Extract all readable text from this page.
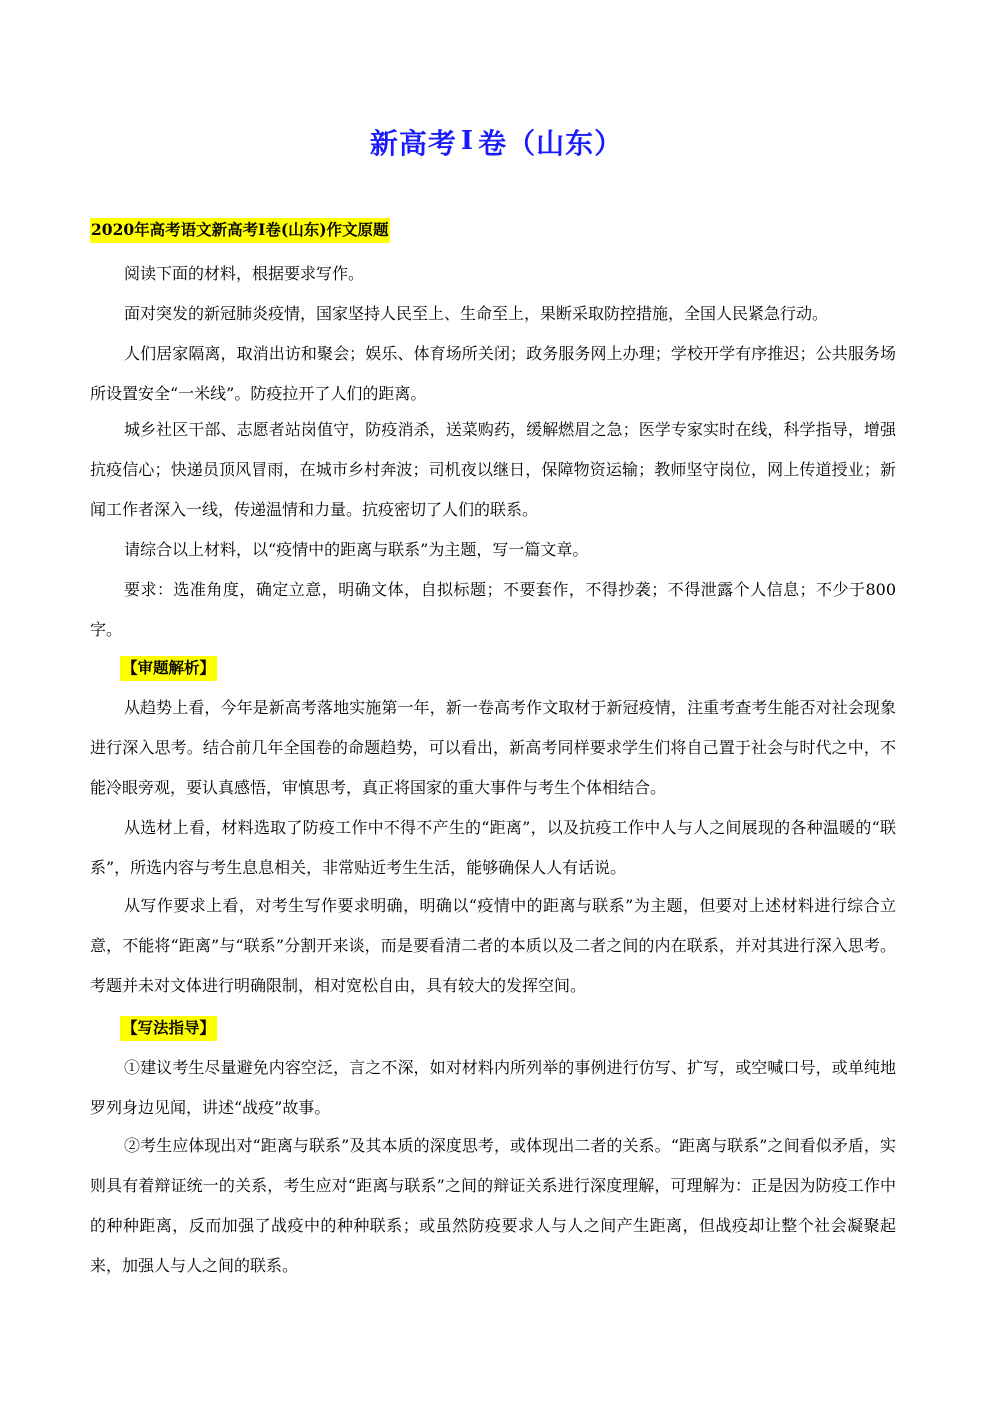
新高考 Ⅰ 卷（山东）
2020年高考语文新高考Ⅰ卷(山东)作文原题

阅读下面的材料，根据要求写作。

面对突发的新冠肺炎疫情，国家坚持人民至上、生命至上，果断采取防控措施，全国人民紧急行动。

人们居家隔离，取消出访和聚会；娱乐、体育场所关闭；政务服务网上办理；学校开学有序推迟；公共服务场所设置安全“一米线”。防疫拉开了人们的距离。

城乡社区干部、志愿者站岗值守，防疫消杀，送菜购药，缓解燃眉之急；医学专家实时在线，科学指导，增强抗疫信心；快递员顶风冒雨，在城市乡村奔波；司机夜以继日，保障物资运输；教师坚守岗位，网上传道授业；新闻工作者深入一线，传递温情和力量。抗疫密切了人们的联系。

请综合以上材料，以“疫情中的距离与联系”为主题，写一篇文章。

要求：选准角度，确定立意，明确文体，自拟标题；不要套作，不得抄袭；不得泄露个人信息；不少于800字。

【审题解析】

从趋势上看，今年是新高考落地实施第一年，新一卷高考作文取材于新冠疫情，注重考查考生能否对社会现象进行深入思考。结合前几年全国卷的命题趋势，可以看出，新高考同样要求学生们将自己置于社会与时代之中，不能冷眼旁观，要认真感悟，审慎思考，真正将国家的重大事件与考生个体相结合。

从选材上看，材料选取了防疫工作中不得不产生的“距离”，以及抗疫工作中人与人之间展现的各种温暖的“联系”，所选内容与考生息息相关，非常贴近考生生活，能够确保人人有话说。

从写作要求上看，对考生写作要求明确，明确以“疫情中的距离与联系”为主题，但要对上述材料进行综合立意，不能将“距离”与“联系”分割开来谈，而是要看清二者的本质以及二者之间的内在联系，并对其进行深入思考。考题并未对文体进行明确限制，相对宽松自由，具有较大的发挥空间。

【写法指导】

①建议考生尽量避免内容空泛，言之不深，如对材料内所列举的事例进行仿写、扩写，或空喊口号，或单纯地罗列身边见闻，讲述“战疫”故事。

②考生应体现出对“距离与联系”及其本质的深度思考，或体现出二者的关系。“距离与联系”之间看似矛盾，实则具有着辩证统一的关系，考生应对“距离与联系”之间的辩证关系进行深度理解，可理解为：正是因为防疫工作中的种种距离，反而加强了战疫中的种种联系；或虽然防疫要求人与人之间产生距离，但战疫却让整个社会凝聚起来，加强人与人之间的联系。
